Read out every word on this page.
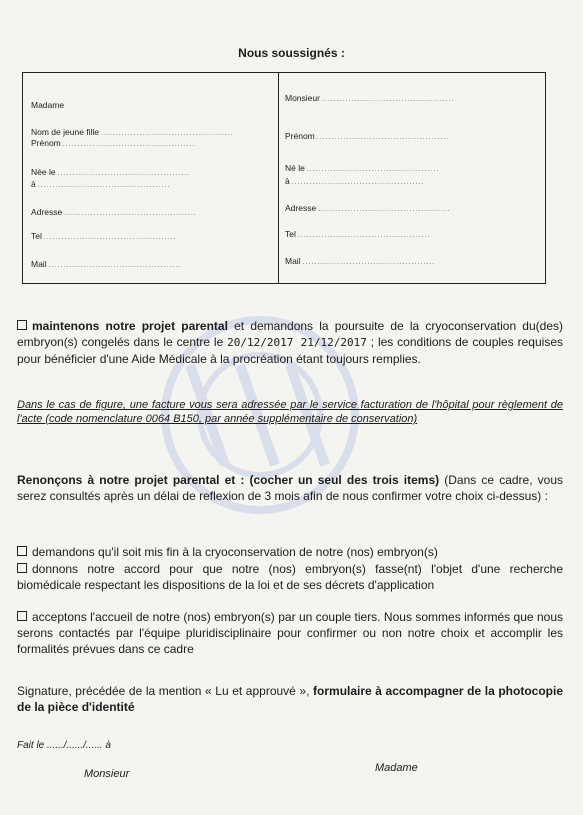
Nous soussignés :
Madame
Nom de jeune fille .............................................
Prénom .............................................
Née le .............................................
à .............................................
Adresse .............................................
Tel .............................................
Mail .............................................
Monsieur .............................................
Prénom .............................................
Né le .............................................
à .............................................
Adresse .............................................
Tel .............................................
Mail .............................................
maintenons notre projet parental et demandons la poursuite de la cryoconservation du(des) embryon(s) congelés dans le centre le 20/12/2017 21/12/2017 ; les conditions de couples requises pour bénéficier d'une Aide Médicale à la procréation étant toujours remplies.
Dans le cas de figure, une facture vous sera adressée par le service facturation de l'hôpital pour règlement de l'acte (code nomenclature 0064 B150, par année supplémentaire de conservation)
Renonçons à notre projet parental et : (cocher un seul des trois items) (Dans ce cadre, vous serez consultés après un délai de reflexion de 3 mois afin de nous confirmer votre choix ci-dessus) :
demandons qu'il soit mis fin à la cryoconservation de notre (nos) embryon(s)
donnons notre accord pour que notre (nos) embryon(s) fasse(nt) l'objet d'une recherche biomédicale respectant les dispositions de la loi et de ses décrets d'application
acceptons l'accueil de notre (nos) embryon(s) par un couple tiers. Nous sommes informés que nous serons contactés par l'équipe pluridisciplinaire pour confirmer ou non notre choix et accomplir les formalités prévues dans ce cadre
Signature, précédée de la mention « Lu et approuvé », formulaire à accompagner de la photocopie de la pièce d'identité
Fait le ....../....../...... à
Monsieur	Madame
